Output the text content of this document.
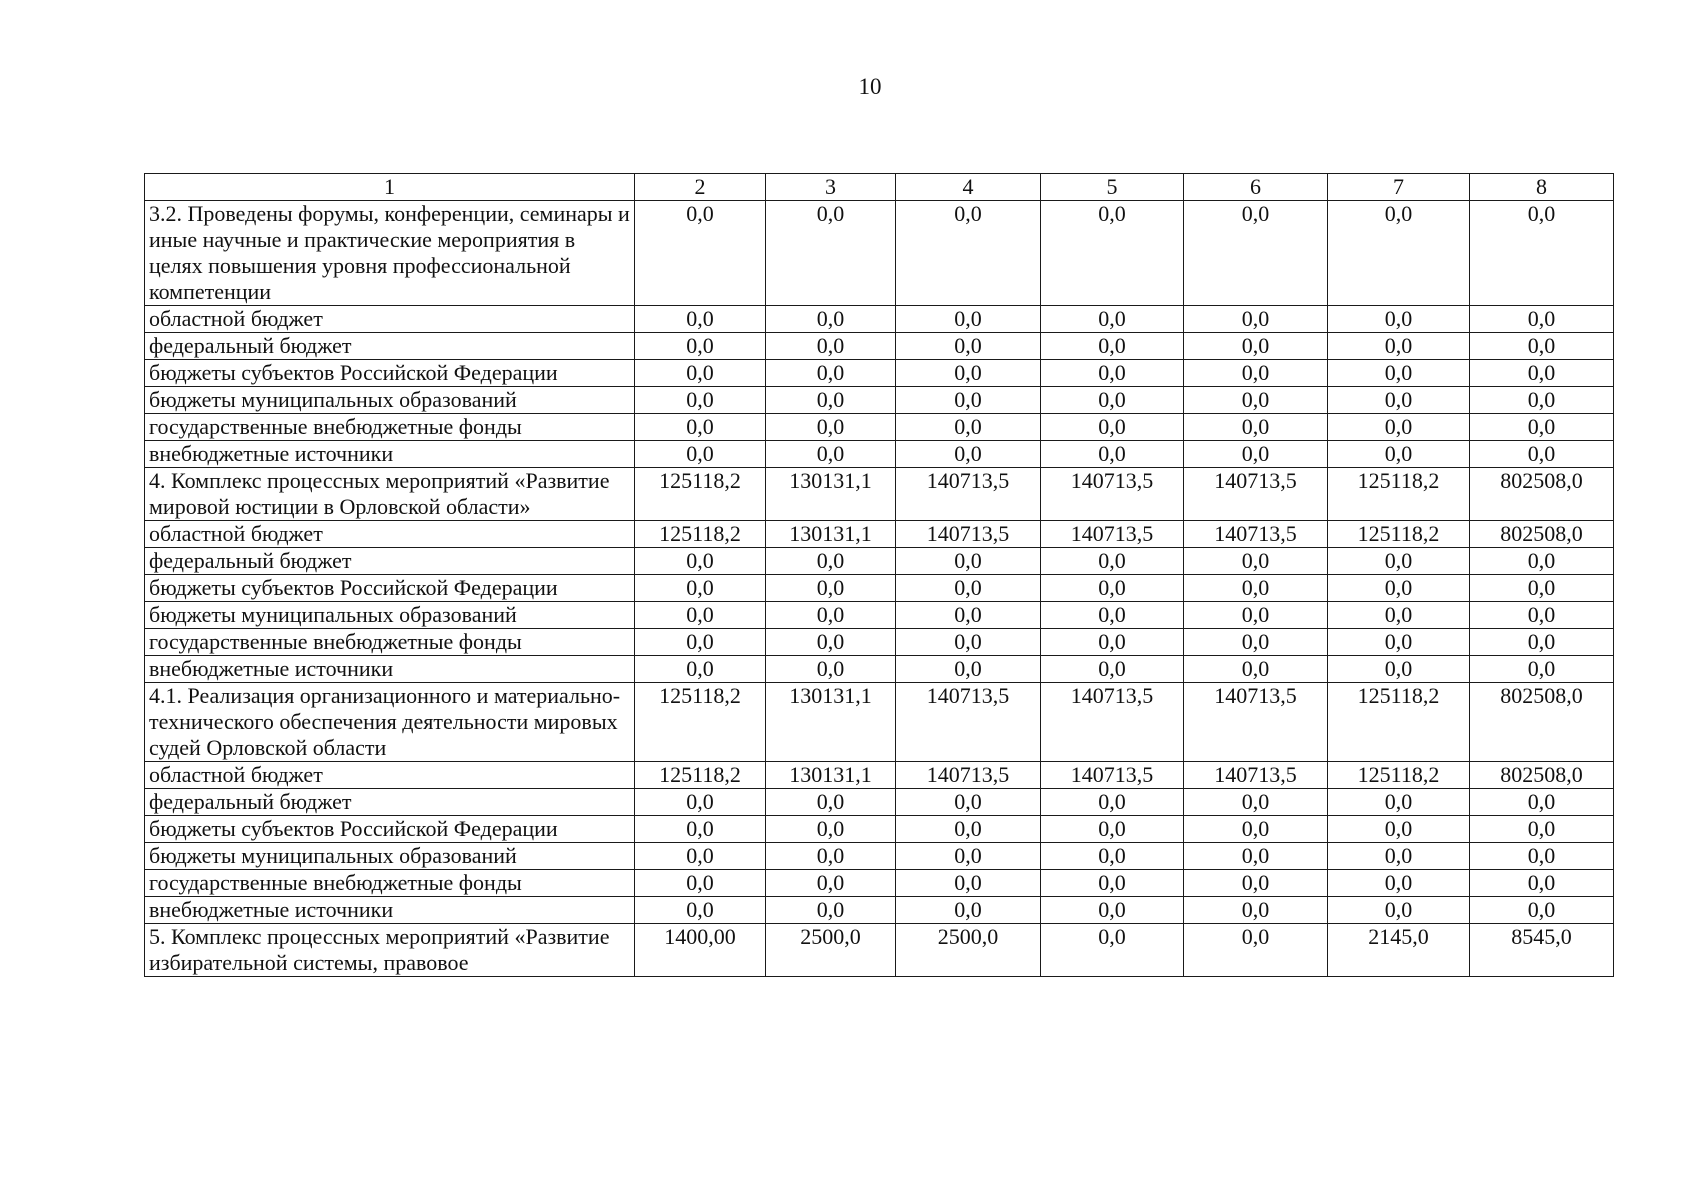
10
1	2	3	4	5	6	7	8
3.2. Проведены форумы, конференции, семинары и иные научные и практические мероприятия в целях повышения уровня профессиональной компетенции	0,0	0,0	0,0	0,0	0,0	0,0	0,0
областной бюджет	0,0	0,0	0,0	0,0	0,0	0,0	0,0
федеральный бюджет	0,0	0,0	0,0	0,0	0,0	0,0	0,0
бюджеты субъектов Российской Федерации	0,0	0,0	0,0	0,0	0,0	0,0	0,0
бюджеты муниципальных образований	0,0	0,0	0,0	0,0	0,0	0,0	0,0
государственные внебюджетные фонды	0,0	0,0	0,0	0,0	0,0	0,0	0,0
внебюджетные источники	0,0	0,0	0,0	0,0	0,0	0,0	0,0
4. Комплекс процессных мероприятий «Развитие мировой юстиции в Орловской области»	125118,2	130131,1	140713,5	140713,5	140713,5	125118,2	802508,0
областной бюджет	125118,2	130131,1	140713,5	140713,5	140713,5	125118,2	802508,0
федеральный бюджет	0,0	0,0	0,0	0,0	0,0	0,0	0,0
бюджеты субъектов Российской Федерации	0,0	0,0	0,0	0,0	0,0	0,0	0,0
бюджеты муниципальных образований	0,0	0,0	0,0	0,0	0,0	0,0	0,0
государственные внебюджетные фонды	0,0	0,0	0,0	0,0	0,0	0,0	0,0
внебюджетные источники	0,0	0,0	0,0	0,0	0,0	0,0	0,0
4.1. Реализация организационного и материально-технического обеспечения деятельности мировых судей Орловской области	125118,2	130131,1	140713,5	140713,5	140713,5	125118,2	802508,0
областной бюджет	125118,2	130131,1	140713,5	140713,5	140713,5	125118,2	802508,0
федеральный бюджет	0,0	0,0	0,0	0,0	0,0	0,0	0,0
бюджеты субъектов Российской Федерации	0,0	0,0	0,0	0,0	0,0	0,0	0,0
бюджеты муниципальных образований	0,0	0,0	0,0	0,0	0,0	0,0	0,0
государственные внебюджетные фонды	0,0	0,0	0,0	0,0	0,0	0,0	0,0
внебюджетные источники	0,0	0,0	0,0	0,0	0,0	0,0	0,0
5. Комплекс процессных мероприятий «Развитие избирательной системы, правовое	1400,00	2500,0	2500,0	0,0	0,0	2145,0	8545,0
